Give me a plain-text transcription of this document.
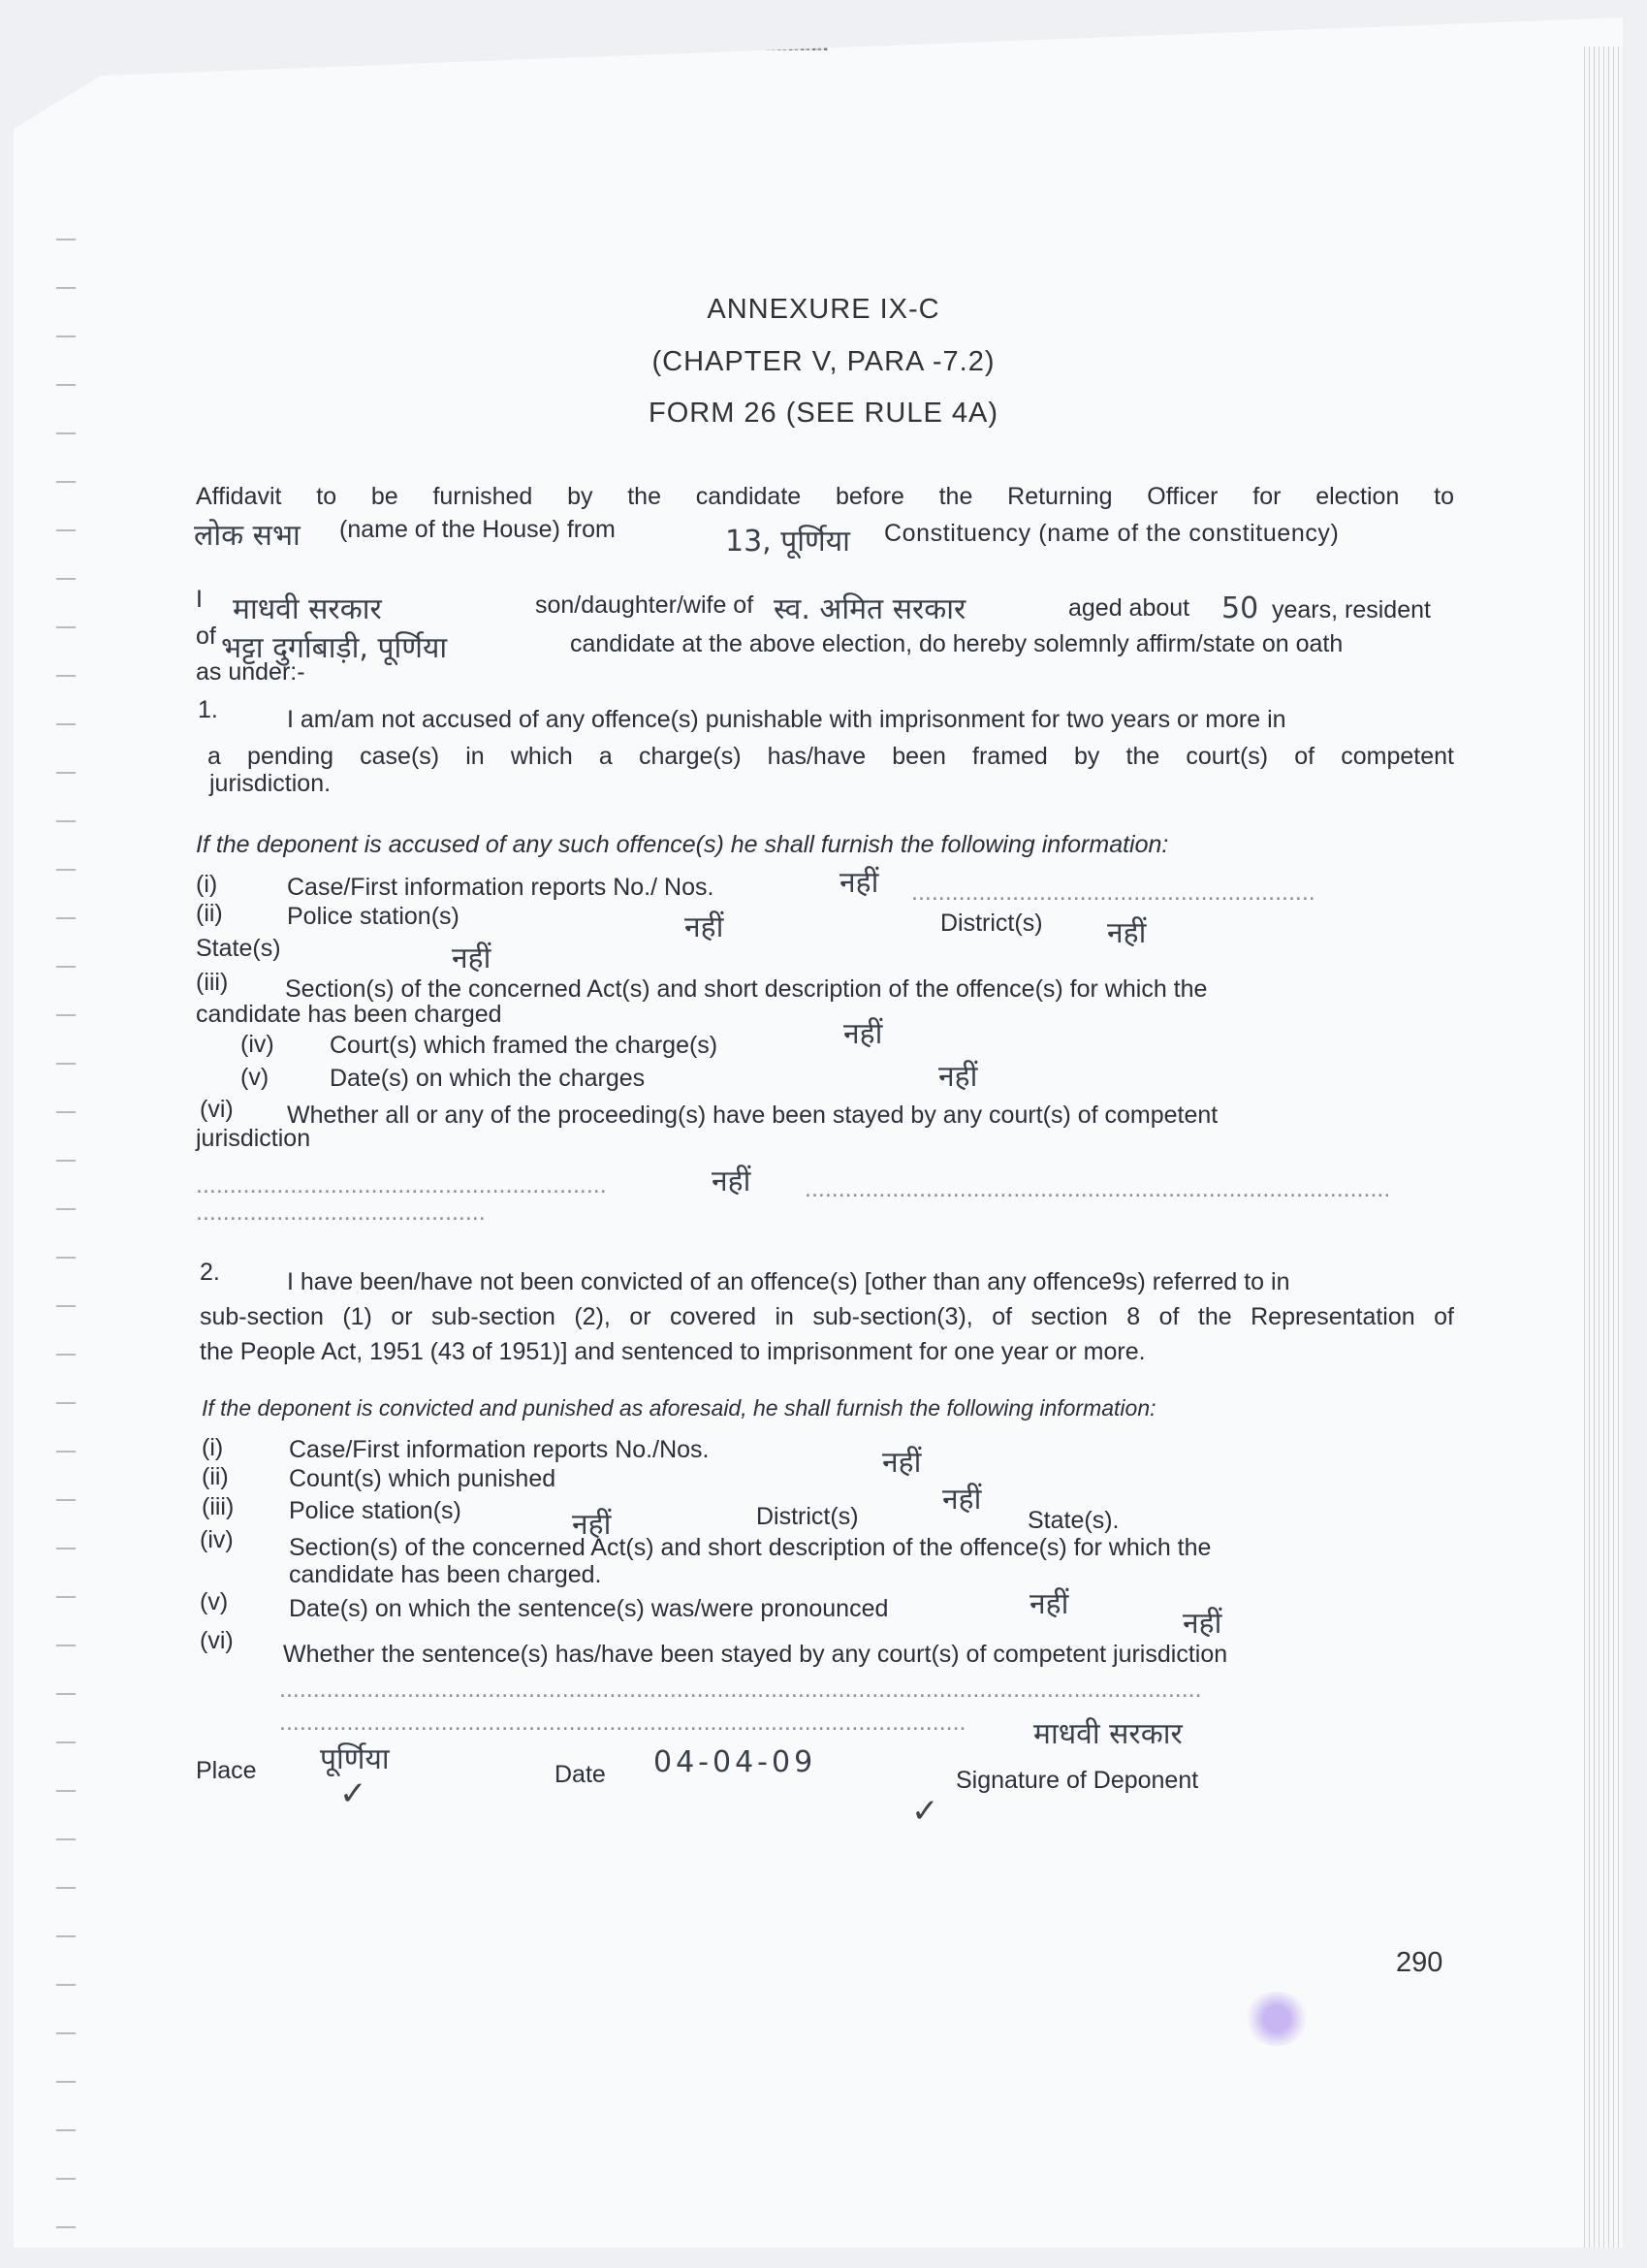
ANNEXURE IX-C
(CHAPTER V, PARA -7.2)
FORM 26 (SEE RULE 4A)
Affidavit to be furnished by the candidate before the Returning Officer for election to
लोक सभा (name of the House) from	13, पूर्णिया Constituency (name of the constituency)
I माधवी सरकार	son/daughter/wife of स्व. अमित सरकार	aged about 50 years, resident
of भट्टा दुर्गाबाड़ी, पूर्णिया	candidate at the above election, do hereby solemnly affirm/state on oath
as under:-
1.	I am/am not accused of any offence(s) punishable with imprisonment for two years or more in
a pending case(s) in which a charge(s) has/have been framed by the court(s) of competent
jurisdiction.
If the deponent is accused of any such offence(s) he shall furnish the following information:
(i)	Case/First information reports No./ Nos.	नहीं ............................................................
(ii)	Police station(s)	नहीं	District(s) नहीं
State(s)	नहीं
(iii) Section(s) of the concerned Act(s) and short description of the offence(s) for which the
candidate has been charged
(iv) Court(s) which framed the charge(s)	नहीं
(v)	Date(s) on which the charges	नहीं
(vi) Whether all or any of the proceeding(s) have been stayed by any court(s) of competent
jurisdiction
.............................................................	नहीं .......................................................................................
...........................................
2.	I have been/have not been convicted of an offence(s) [other than any offence9s) referred to in
sub-section (1) or sub-section (2), or covered in sub-section(3), of section 8 of the Representation of
the People Act, 1951 (43 of 1951)] and sentenced to imprisonment for one year or more.
If the deponent is convicted and punished as aforesaid, he shall furnish the following information:
(i)	Case/First information reports No./Nos.	नहीं
(ii) Count(s) which punished
नहीं
(iii) Police station(s)	नहीं	District(s)	State(s).
(iv) Section(s) of the concerned Act(s) and short description of the offence(s) for which the
candidate has been charged.
(v)	Date(s) on which the sentence(s) was/were pronounced	नहीं
(vi) Whether the sentence(s) has/have been stayed by any court(s) of competent jurisdiction
नहीं
.........................................................................................................................................
...................................................................................................... माधवी सरकार
Place पूर्णिया	Date 04-04-09
Signature of Deponent
✓	✓
290
